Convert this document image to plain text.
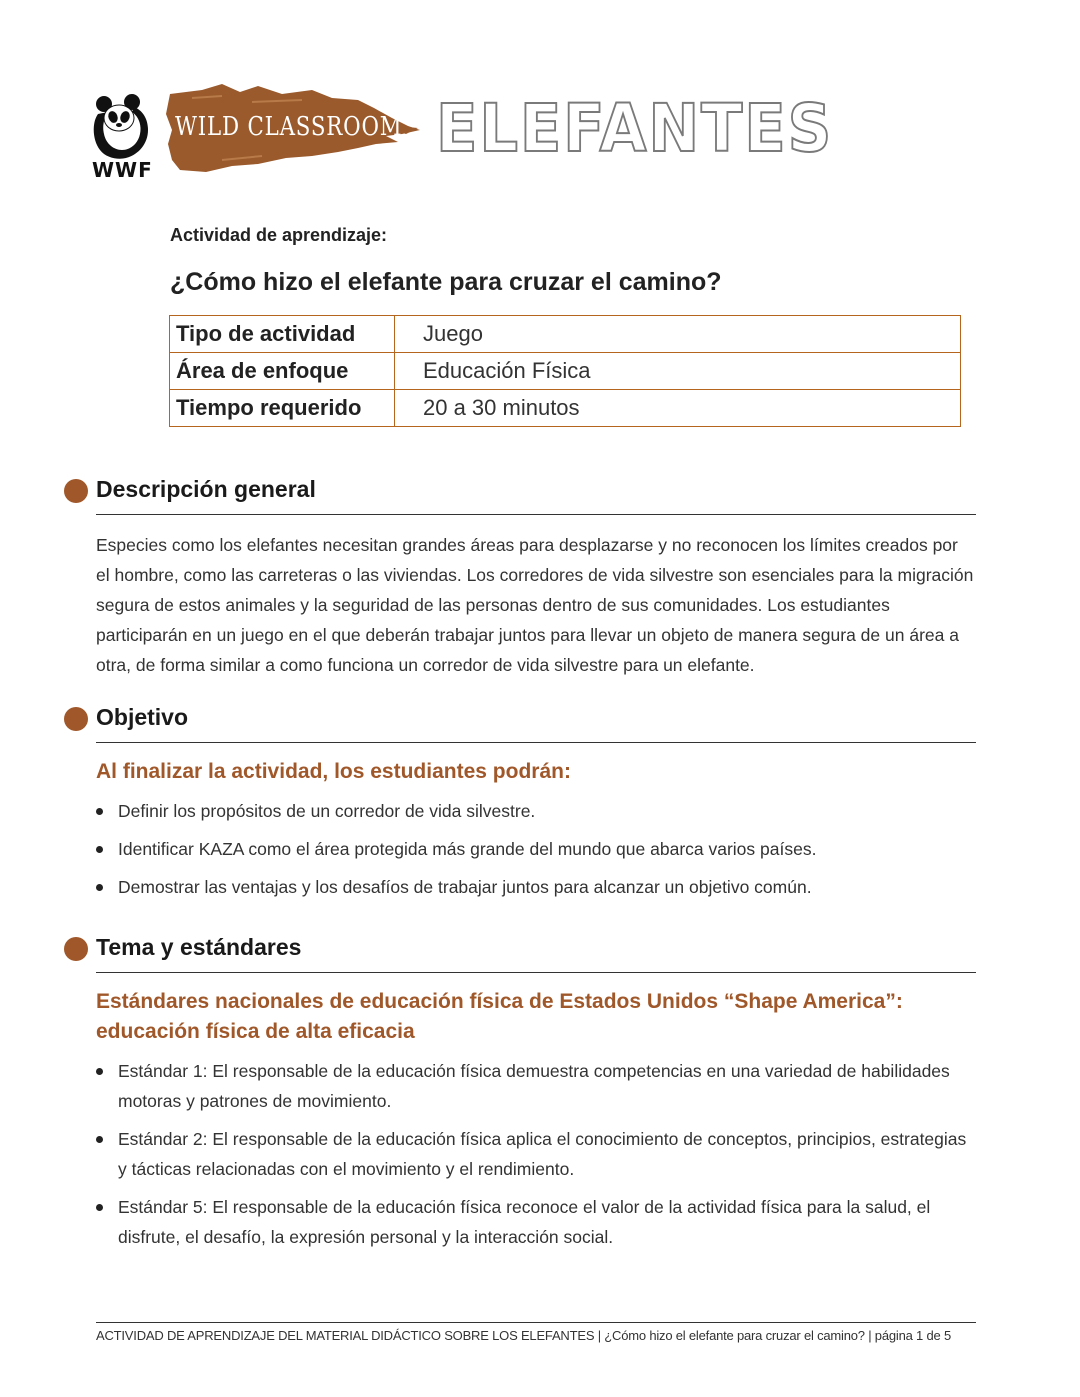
WWF
WILD CLASSROOM ELEFANTES
Actividad de aprendizaje:
¿Cómo hizo el elefante para cruzar el camino?
Tipo de actividad	Juego
Área de enfoque	Educación Física
Tiempo requerido	20 a 30 minutos
Descripción general

Especies como los elefantes necesitan grandes áreas para desplazarse y no reconocen los límites creados por el hombre, como las carreteras o las viviendas. Los corredores de vida silvestre son esenciales para la migración segura de estos animales y la seguridad de las personas dentro de sus comunidades. Los estudiantes participarán en un juego en el que deberán trabajar juntos para llevar un objeto de manera segura de un área a otra, de forma similar a como funciona un corredor de vida silvestre para un elefante.

Objetivo

Al finalizar la actividad, los estudiantes podrán:

Definir los propósitos de un corredor de vida silvestre.
Identificar KAZA como el área protegida más grande del mundo que abarca varios países.
Demostrar las ventajas y los desafíos de trabajar juntos para alcanzar un objetivo común.
Tema y estándares

Estándares nacionales de educación física de Estados Unidos “Shape America”: educación física de alta eficacia

Estándar 1: El responsable de la educación física demuestra competencias en una variedad de habilidades motoras y patrones de movimiento.
Estándar 2: El responsable de la educación física aplica el conocimiento de conceptos, principios, estrategias y tácticas relacionadas con el movimiento y el rendimiento.
Estándar 5: El responsable de la educación física reconoce el valor de la actividad física para la salud, el disfrute, el desafío, la expresión personal y la interacción social.
ACTIVIDAD DE APRENDIZAJE DEL MATERIAL DIDÁCTICO SOBRE LOS ELEFANTES | ¿Cómo hizo el elefante para cruzar el camino? | página 1 de 5
